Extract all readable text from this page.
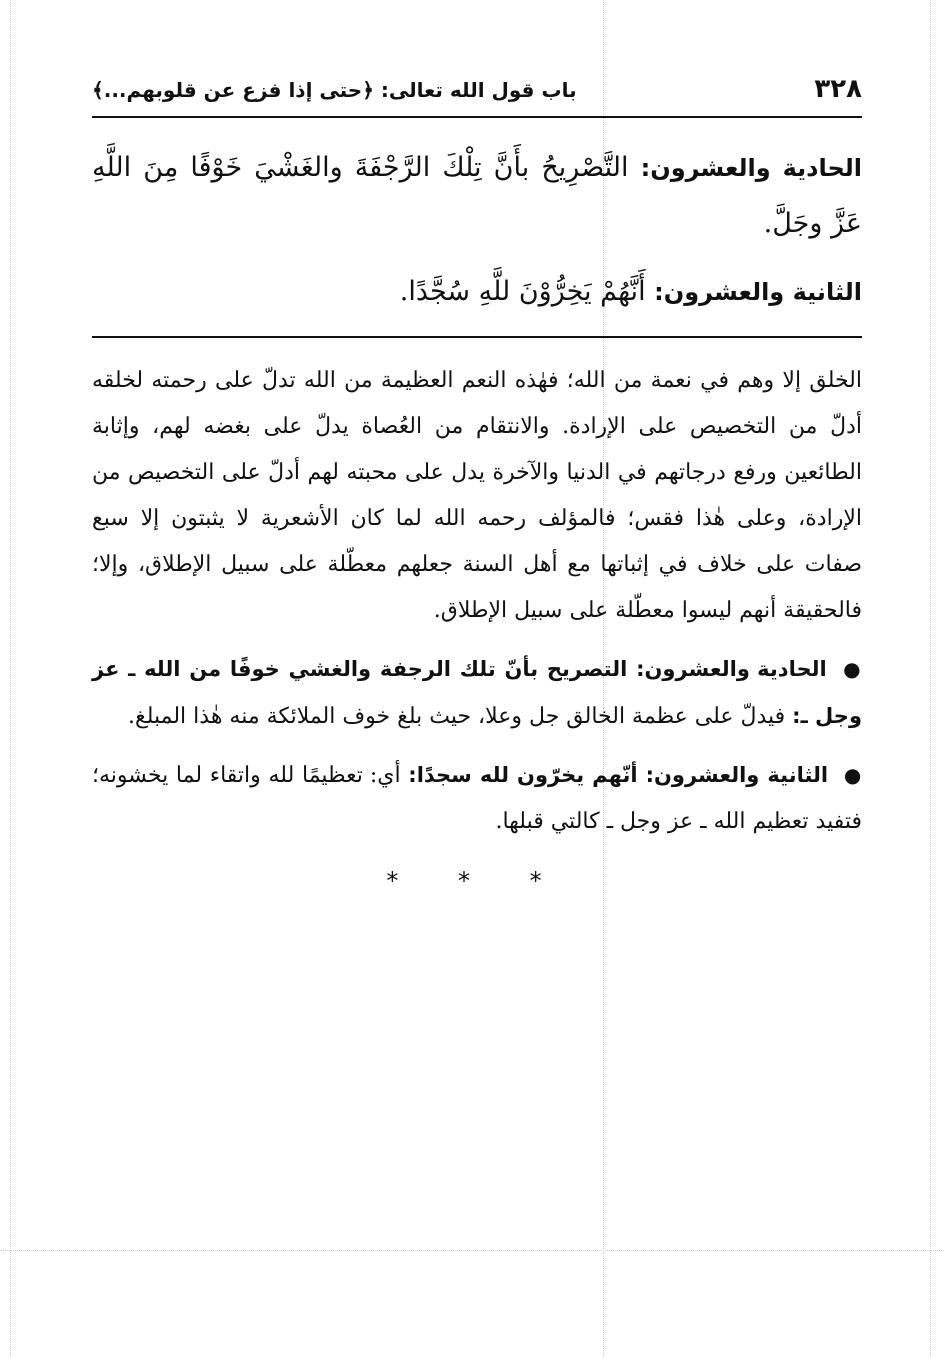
٣٢٨
باب قول الله تعالى: ﴿حتى إذا فزع عن قلوبهم...﴾

الحادية والعشرون: التَّصْرِيحُ بأَنَّ تِلْكَ الرَّجْفَةَ والغَشْيَ خَوْفًا مِنَ اللَّهِ عَزَّ وجَلَّ.

الثانية والعشرون: أَنَّهُمْ يَخِرُّوْنَ للَّهِ سُجَّدًا.

الخلق إلا وهم في نعمة من الله؛ فهٰذه النعم العظيمة من الله تدلّ على رحمته لخلقه أدلّ من التخصيص على الإرادة. والانتقام من العُصاة يدلّ على بغضه لهم، وإثابة الطائعين ورفع درجاتهم في الدنيا والآخرة يدل على محبته لهم أدلّ على التخصيص من الإرادة، وعلى هٰذا فقس؛ فالمؤلف رحمه الله لما كان الأشعرية لا يثبتون إلا سبع صفات على خلاف في إثباتها مع أهل السنة جعلهم معطّلة على سبيل الإطلاق، وإلا؛ فالحقيقة أنهم ليسوا معطّلة على سبيل الإطلاق.

● الحادية والعشرون: التصريح بأنّ تلك الرجفة والغشي خوفًا من الله ـ عز وجل ـ: فيدلّ على عظمة الخالق جل وعلا، حيث بلغ خوف الملائكة منه هٰذا المبلغ.

● الثانية والعشرون: أنّهم يخرّون لله سجدًا: أي: تعظيمًا لله واتقاء لما يخشونه؛ فتفيد تعظيم الله ـ عز وجل ـ كالتي قبلها.

* * *
